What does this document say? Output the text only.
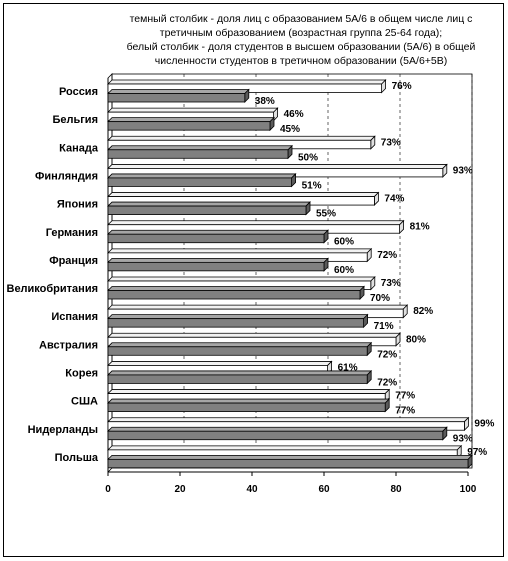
темный столбик - доля лиц с образованием 5А/6 в общем числе лиц с
третичным образованием (возрастная группа 25-64 года);
белый столбик - доля студентов в высшем образовании (5А/6) в общей
численности студентов в третичном образовании (5А/6+5В)
0	20	40	60	80	100
Россия	76%
38%
Бельгия	46%
45%
Канада	73%
50%
Финляндия	93%
51%
Япония	74%
55%
Германия	81%
60%
Франция	72%
60%
Великобритания	73%
70%
Испания	82%
71%
Австралия	80%
72%
Корея	61%
72%
США	77%
77%
Нидерланды	99%
93%
Польша	97%
